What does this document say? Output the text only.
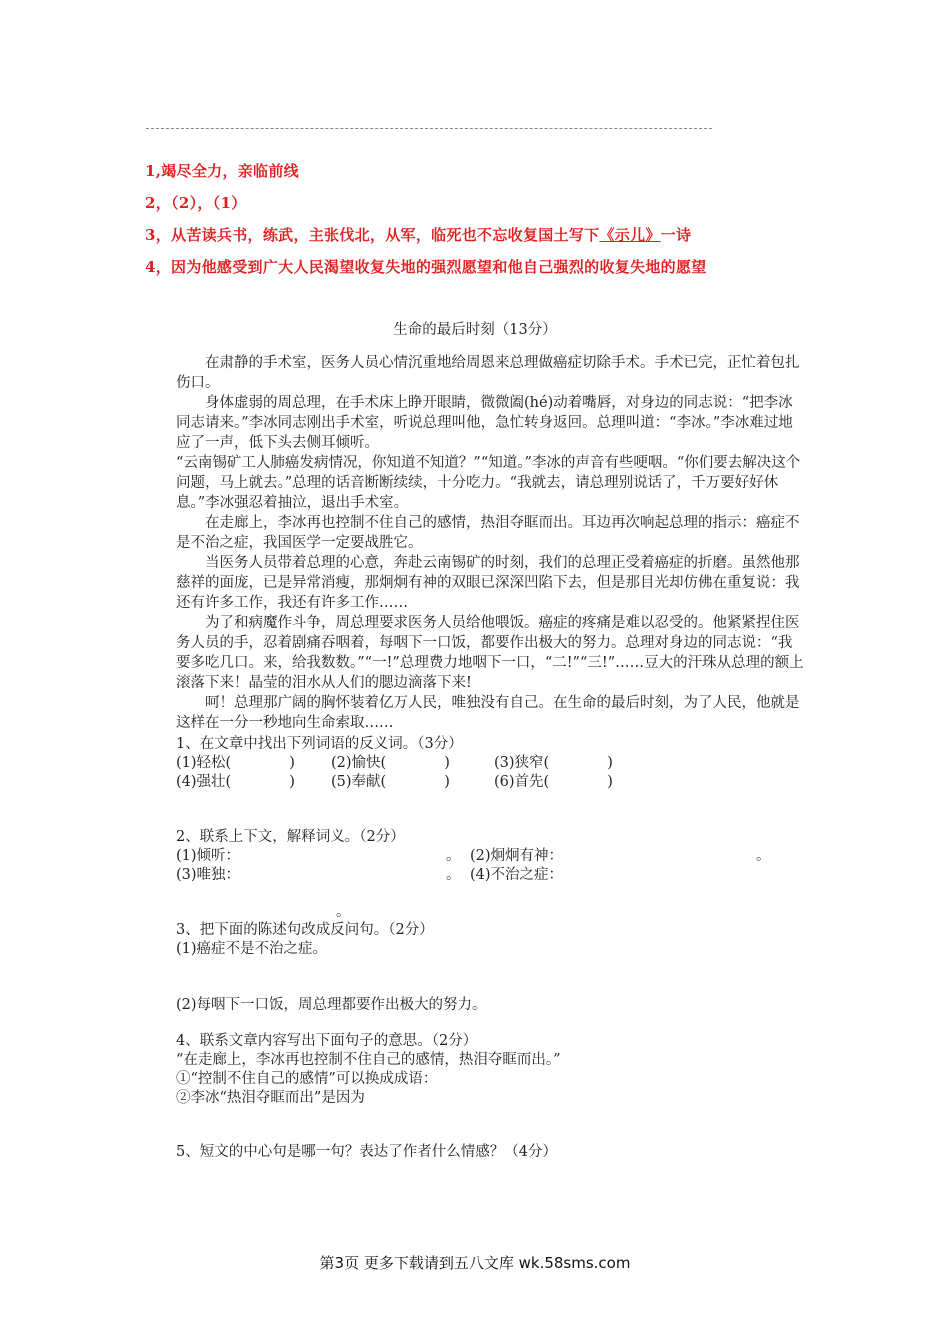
1,竭尽全力，亲临前线
2，（2），（1）
3，从苦读兵书，练武，主张伐北，从军，临死也不忘收复国土写下《示儿》一诗
4，因为他感受到广大人民渴望收复失地的强烈愿望和他自己强烈的收复失地的愿望
生命的最后时刻（13分）

在肃静的手术室，医务人员心情沉重地给周恩来总理做癌症切除手术。手术已完，正忙着包扎伤口。

身体虚弱的周总理，在手术床上睁开眼睛，微微阖(hé)动着嘴唇，对身边的同志说：“把李冰同志请来。”李冰同志刚出手术室，听说总理叫他，急忙转身返回。总理叫道：“李冰。”李冰难过地应了一声，低下头去侧耳倾听。

“云南锡矿工人肺癌发病情况，你知道不知道？”“知道。”李冰的声音有些哽咽。“你们要去解决这个问题，马上就去。”总理的话音断断续续，十分吃力。“我就去，请总理别说话了，千万要好好休息。”李冰强忍着抽泣，退出手术室。

在走廊上，李冰再也控制不住自己的感情，热泪夺眶而出。耳边再次响起总理的指示：癌症不是不治之症，我国医学一定要战胜它。

当医务人员带着总理的心意，奔赴云南锡矿的时刻，我们的总理正受着癌症的折磨。虽然他那慈祥的面庞，已是异常消瘦，那炯炯有神的双眼已深深凹陷下去，但是那目光却仿佛在重复说：我还有许多工作，我还有许多工作……

为了和病魔作斗争，周总理要求医务人员给他喂饭。癌症的疼痛是难以忍受的。他紧紧捏住医务人员的手，忍着剧痛吞咽着，每咽下一口饭，都要作出极大的努力。总理对身边的同志说：“我要多吃几口。来，给我数数。”“一!”总理费力地咽下一口，“二!”“三!”……豆大的汗珠从总理的额上滚落下来！晶莹的泪水从人们的腮边滴落下来!

呵！总理那广阔的胸怀装着亿万人民，唯独没有自己。在生命的最后时刻，为了人民，他就是这样在一分一秒地向生命索取……

1、在文章中找出下列词语的反义词。（3分）
(1)轻松(　　　　) (2)愉快(　　　　)	(3)狭窄(　　　　)
(4)强壮(　　　　) (5)奉献(　　　　)	(6)首先(　　　　)
2、联系上下文，解释词义。（2分）
(1)倾听：	。 (2)炯炯有神：	。
(3)唯独：	。 (4)不治之症：
。
3、把下面的陈述句改成反问句。（2分）
(1)癌症不是不治之症。
(2)每咽下一口饭，周总理都要作出极大的努力。
4、联系文章内容写出下面句子的意思。（2分）
“在走廊上，李冰再也控制不住自己的感情，热泪夺眶而出。”
①“控制不住自己的感情”可以换成成语：
②李冰“热泪夺眶而出”是因为
5、短文的中心句是哪一句？表达了作者什么情感？（4分）
第3页 更多下载请到五八文库 wk.58sms.com
